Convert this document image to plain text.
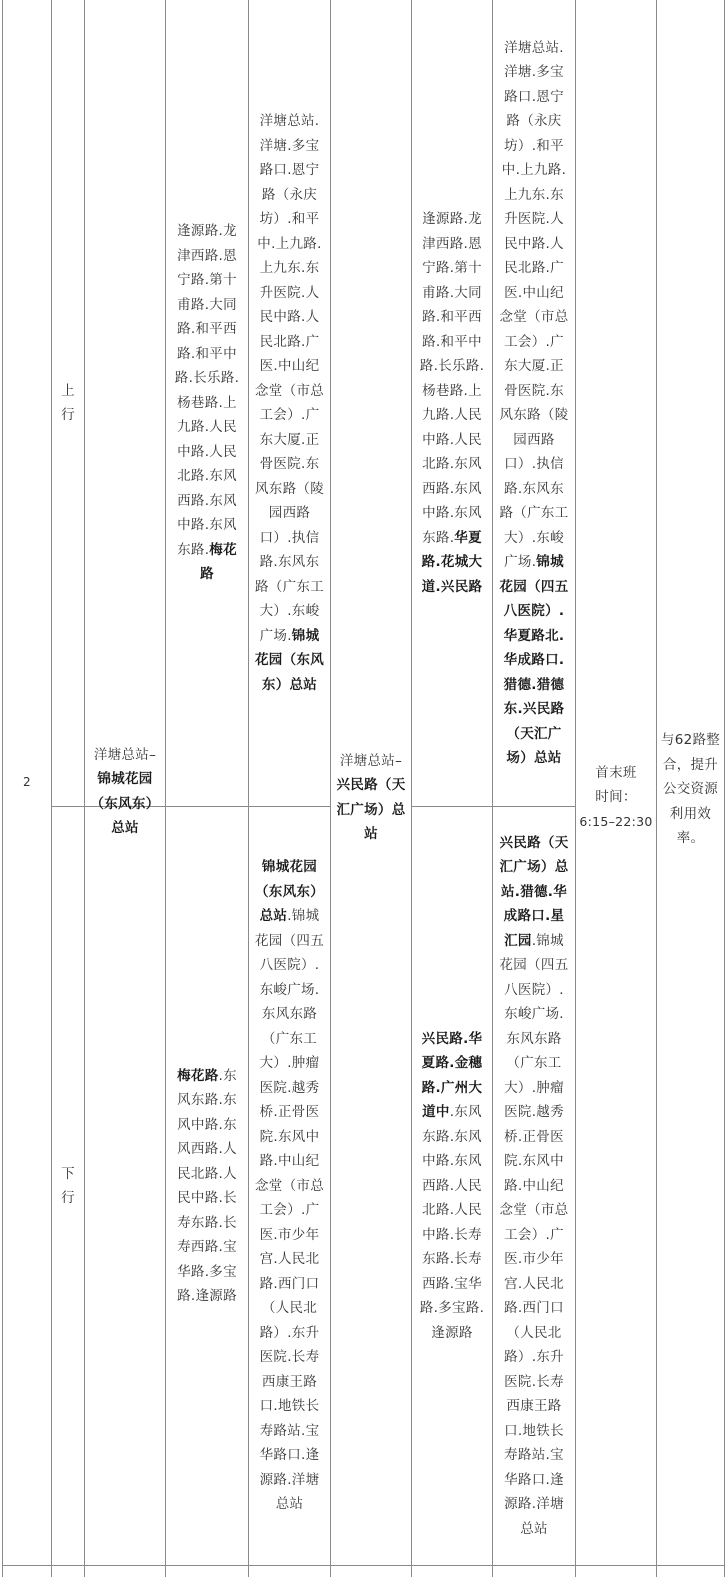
2
上行
下行
洋塘总站–锦城花园（东风东）总站
逢源路.龙津西路.恩宁路.第十甫路.大同路.和平西路.和平中路.长乐路.杨巷路.上九路.人民中路.人民北路.东风西路.东风中路.东风东路.梅花路
洋塘总站.洋塘.多宝路口.恩宁路（永庆坊）.和平中.上九路.上九东.东升医院.人民中路.人民北路.广医.中山纪念堂（市总工会）.广东大厦.正骨医院.东风东路（陵园西路口）.执信路.东风东路（广东工大）.东峻广场.锦城花园（东风东）总站
梅花路.东风东路.东风中路.东风西路.人民北路.人民中路.长寿东路.长寿西路.宝华路.多宝路.逢源路
锦城花园（东风东）总站.锦城花园（四五八医院）.东峻广场.东风东路（广东工大）.肿瘤医院.越秀桥.正骨医院.东风中路.中山纪念堂（市总工会）.广医.市少年宫.人民北路.西门口（人民北路）.东升医院.长寿西康王路口.地铁长寿路站.宝华路口.逢源路.洋塘总站
洋塘总站–兴民路（天汇广场）总站
逢源路.龙津西路.恩宁路.第十甫路.大同路.和平西路.和平中路.长乐路.杨巷路.上九路.人民中路.人民北路.东风西路.东风中路.东风东路.华夏路.花城大道.兴民路
洋塘总站.洋塘.多宝路口.恩宁路（永庆坊）.和平中.上九路.上九东.东升医院.人民中路.人民北路.广医.中山纪念堂（市总工会）.广东大厦.正骨医院.东风东路（陵园西路口）.执信路.东风东路（广东工大）.东峻广场.锦城花园（四五八医院）.华夏路北.华成路口.猎德.猎德东.兴民路（天汇广场）总站
兴民路.华夏路.金穗路.广州大道中.东风东路.东风中路.东风西路.人民北路.人民中路.长寿东路.长寿西路.宝华路.多宝路.逢源路
兴民路（天汇广场）总站.猎德.华成路口.星汇园.锦城花园（四五八医院）.东峻广场.东风东路（广东工大）.肿瘤医院.越秀桥.正骨医院.东风中路.中山纪念堂（市总工会）.广医.市少年宫.人民北路.西门口（人民北路）.东升医院.长寿西康王路口.地铁长寿路站.宝华路口.逢源路.洋塘总站
首末班时间：
6:15–22:30
与62路整合，提升公交资源利用效率。
